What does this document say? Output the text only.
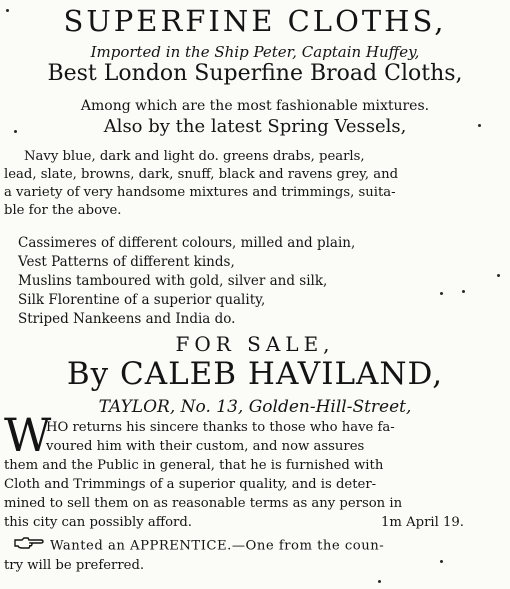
SUPERFINE CLOTHS,
Imported in the Ship Peter, Captain Huffey,
Best London Superfine Broad Cloths,
Among which are the most fashionable mixtures.
Also by the latest Spring Vessels,
Navy blue, dark and light do. greens drabs, pearls,
lead, slate, browns, dark, snuff, black and ravens grey, and
a variety of very handsome mixtures and trimmings, suita-
ble for the above.
Cassimeres of different colours, milled and plain,
Vest Patterns of different kinds,
Muslins tamboured with gold, silver and silk,
Silk Florentine of a superior quality,
Striped Nankeens and India do.
FOR SALE,
By CALEB HAVILAND,
TAYLOR, No. 13, Golden-Hill-Street,
W
HO returns his sincere thanks to those who have fa-
voured him with their custom, and now assures
them and the Public in general, that he is furnished with
Cloth and Trimmings of a superior quality, and is deter-
mined to sell them on as reasonable terms as any person in
this city can possibly afford.	1m April 19.
Wanted an APPRENTICE.—One from the coun-
try will be preferred.
